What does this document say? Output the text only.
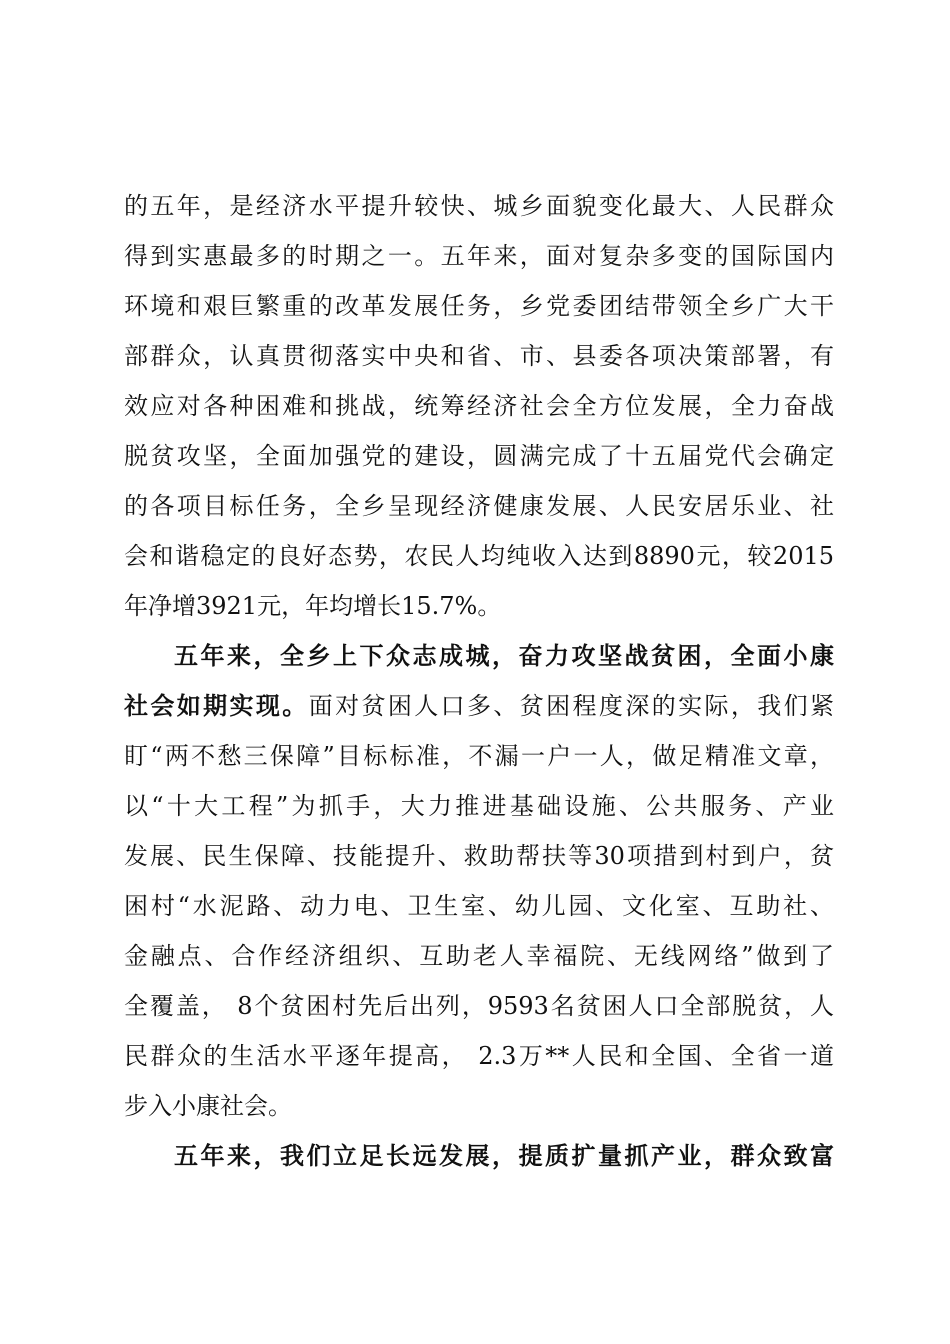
的五年，是经济水平提升较快、城乡面貌变化最大、人民群众
得到实惠最多的时期之一。五年来，面对复杂多变的国际国内
环境和艰巨繁重的改革发展任务，乡党委团结带领全乡广大干
部群众，认真贯彻落实中央和省、市、县委各项决策部署，有
效应对各种困难和挑战，统筹经济社会全方位发展，全力奋战
脱贫攻坚，全面加强党的建设，圆满完成了十五届党代会确定
的各项目标任务，全乡呈现经济健康发展、人民安居乐业、社
会和谐稳定的良好态势，农民人均纯收入达到8890元，较2015
年净增3921元，年均增长15.7%。
五年来，全乡上下众志成城，奋力攻坚战贫困，全面小康
社会如期实现。面对贫困人口多、贫困程度深的实际，我们紧
盯“两不愁三保障”目标标准，不漏一户一人，做足精准文章，
以“十大工程”为抓手，大力推进基础设施、公共服务、产业
发展、民生保障、技能提升、救助帮扶等30项措到村到户，贫
困村“水泥路、动力电、卫生室、幼儿园、文化室、互助社、
金融点、合作经济组织、互助老人幸福院、无线网络”做到了
全覆盖， 8个贫困村先后出列，9593名贫困人口全部脱贫，人
民群众的生活水平逐年提高， 2.3万**人民和全国、全省一道
步入小康社会。
五年来，我们立足长远发展，提质扩量抓产业，群众致富
